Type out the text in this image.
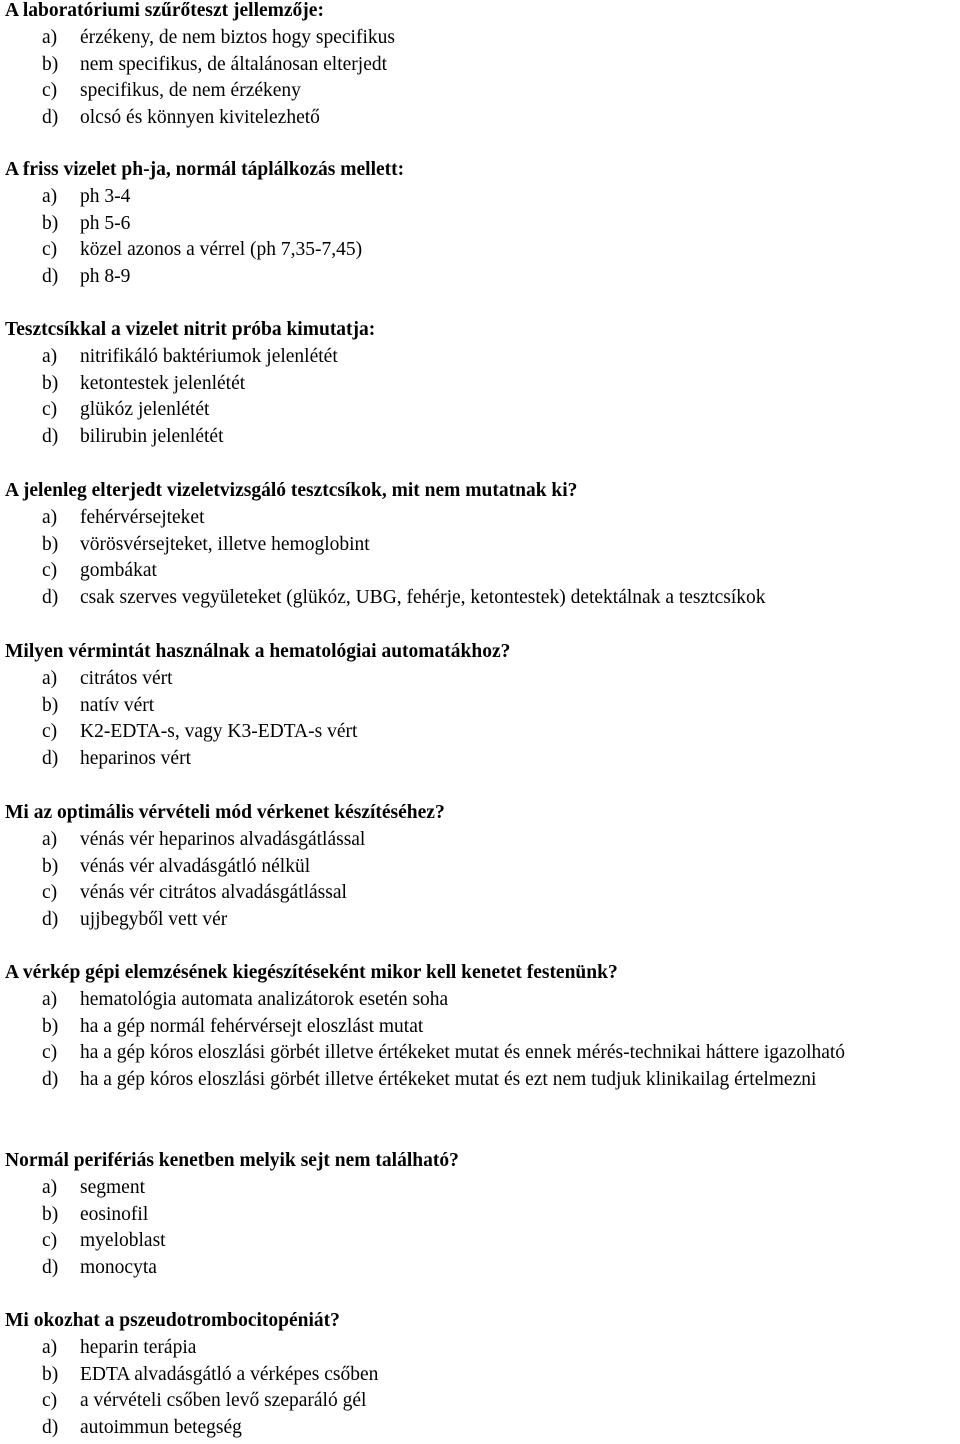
A laboratóriumi szűrőteszt jellemzője:
a) érzékeny, de nem biztos hogy specifikus
b) nem specifikus, de általánosan elterjedt
c) specifikus, de nem érzékeny
d) olcsó és könnyen kivitelezhető
A friss vizelet ph-ja, normál táplálkozás mellett:
a) ph 3-4
b) ph 5-6
c) közel azonos a vérrel (ph 7,35-7,45)
d) ph 8-9
Tesztcsíkkal a vizelet nitrit próba kimutatja:
a) nitrifikáló baktériumok jelenlétét
b) ketontestek jelenlétét
c) glükóz jelenlétét
d) bilirubin jelenlétét
A jelenleg elterjedt vizeletvizsgáló tesztcsíkok, mit nem mutatnak ki?
a) fehérvérsejteket
b) vörösvérsejteket, illetve hemoglobint
c) gombákat
d) csak szerves vegyületeket (glükóz, UBG, fehérje, ketontestek) detektálnak a tesztcsíkok
Milyen vérmintát használnak a hematológiai automatákhoz?
a) citrátos vért
b) natív vért
c) K2-EDTA-s, vagy K3-EDTA-s vért
d) heparinos vért
Mi az optimális vérvételi mód vérkenet készítéséhez?
a) vénás vér heparinos alvadásgátlással
b) vénás vér alvadásgátló nélkül
c) vénás vér citrátos alvadásgátlással
d) ujjbegyből vett vér
A vérkép gépi elemzésének kiegészítéseként mikor kell kenetet festenünk?
a) hematológia automata analizátorok esetén soha
b) ha a gép normál fehérvérsejt eloszlást mutat
c) ha a gép kóros eloszlási görbét illetve értékeket mutat és ennek mérés-technikai háttere igazolható
d) ha a gép kóros eloszlási görbét illetve értékeket mutat és ezt nem tudjuk klinikailag értelmezni
Normál perifériás kenetben melyik sejt nem található?
a) segment
b) eosinofil
c) myeloblast
d) monocyta
Mi okozhat a pszeudotrombocitopéniát?
a) heparin terápia
b) EDTA alvadásgátló a vérképes csőben
c) a vérvételi csőben levő szeparáló gél
d) autoimmun betegség
